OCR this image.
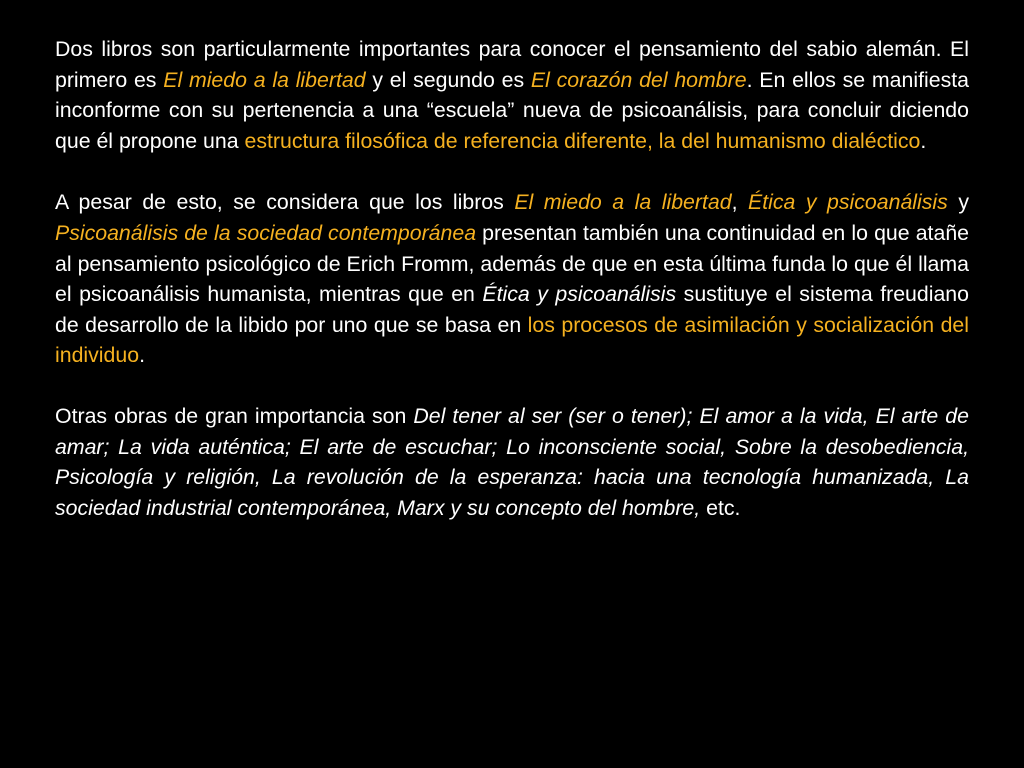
Dos libros son particularmente importantes para conocer el pensamiento del sabio alemán. El primero es El miedo a la libertad y el segundo es El corazón del hombre. En ellos se manifiesta inconforme con su pertenencia a una “escuela” nueva de psicoanálisis, para concluir diciendo que él propone una estructura filosófica de referencia diferente, la del humanismo dialéctico.

A pesar de esto, se considera que los libros El miedo a la libertad, Ética y psicoanálisis y Psicoanálisis de la sociedad contemporánea presentan también una continuidad en lo que atañe al pensamiento psicológico de Erich Fromm, además de que en esta última funda lo que él llama el psicoanálisis humanista, mientras que en Ética y psicoanálisis sustituye el sistema freudiano de desarrollo de la libido por uno que se basa en los procesos de asimilación y socialización del individuo.

Otras obras de gran importancia son Del tener al ser (ser o tener); El amor a la vida, El arte de amar; La vida auténtica; El arte de escuchar; Lo inconsciente social, Sobre la desobediencia, Psicología y religión, La revolución de la esperanza: hacia una tecnología humanizada, La sociedad industrial contemporánea, Marx y su concepto del hombre, etc.
